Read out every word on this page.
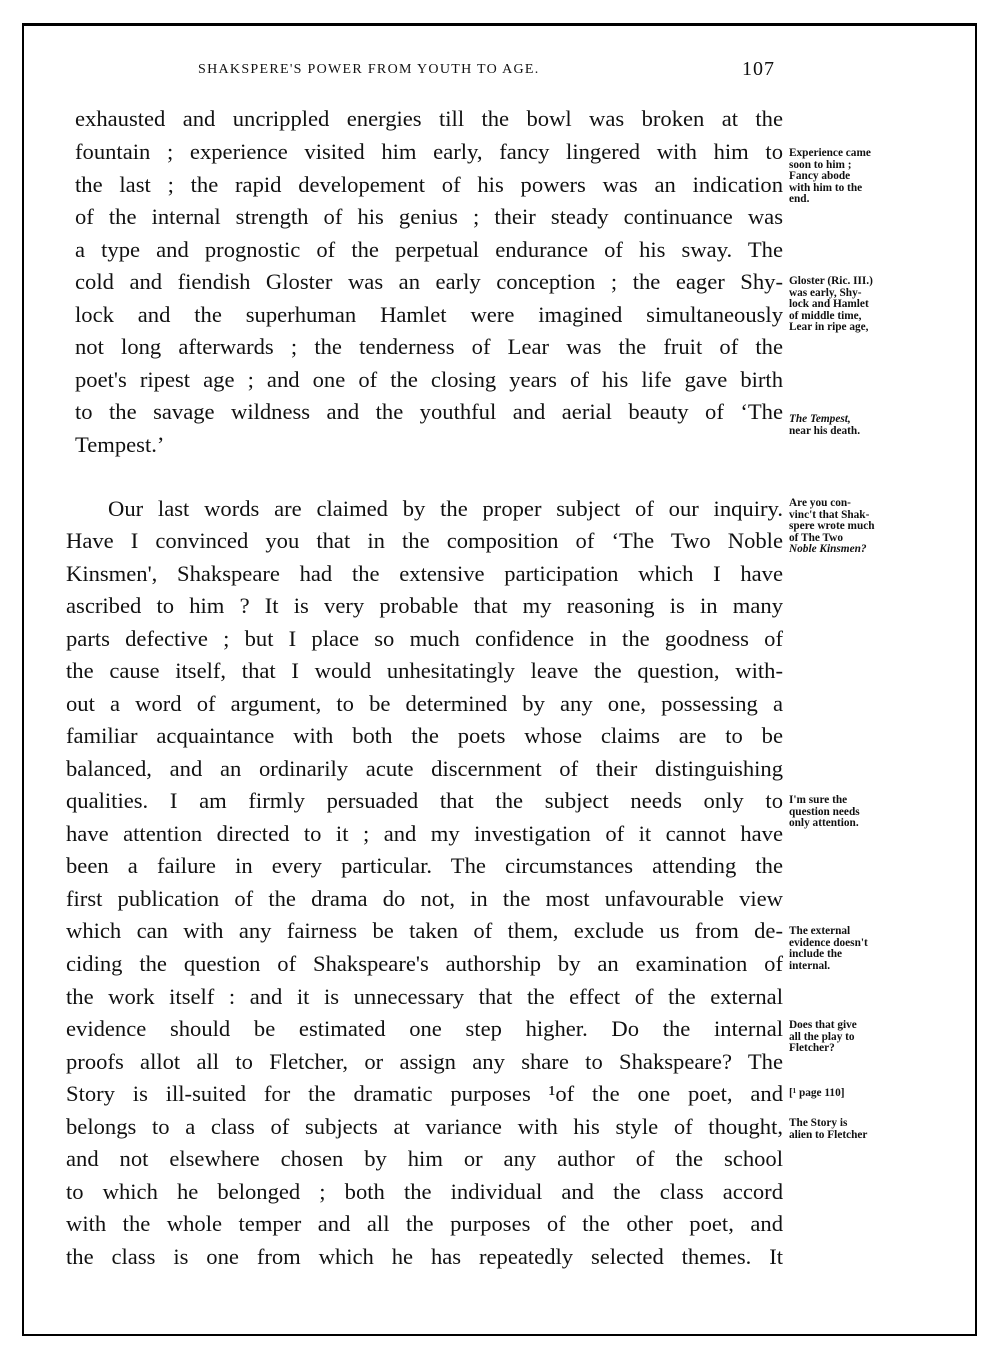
SHAKSPERE'S POWER FROM YOUTH TO AGE.	107
exhausted and uncrippled energies till the bowl was broken at the
fountain ; experience visited him early, fancy lingered with him to
the last ; the rapid developement of his powers was an indication
of the internal strength of his genius ; their steady continuance was
a type and prognostic of the perpetual endurance of his sway. The
cold and fiendish Gloster was an early conception ; the eager Shy-
lock and the superhuman Hamlet were imagined simultaneously
not long afterwards ; the tenderness of Lear was the fruit of the
poet's ripest age ; and one of the closing years of his life gave birth
to the savage wildness and the youthful and aerial beauty of ‘The
Tempest.’
Our last words are claimed by the proper subject of our inquiry.
Have I convinced you that in the composition of ‘The Two Noble
Kinsmen', Shakspeare had the extensive participation which I have
ascribed to him ? It is very probable that my reasoning is in many
parts defective ; but I place so much confidence in the goodness of
the cause itself, that I would unhesitatingly leave the question, with-
out a word of argument, to be determined by any one, possessing a
familiar acquaintance with both the poets whose claims are to be
balanced, and an ordinarily acute discernment of their distinguishing
qualities. I am firmly persuaded that the subject needs only to
have attention directed to it ; and my investigation of it cannot have
been a failure in every particular. The circumstances attending the
first publication of the drama do not, in the most unfavourable view
which can with any fairness be taken of them, exclude us from de-
ciding the question of Shakspeare's authorship by an examination of
the work itself : and it is unnecessary that the effect of the external
evidence should be estimated one step higher. Do the internal
proofs allot all to Fletcher, or assign any share to Shakspeare? The
Story is ill-suited for the dramatic purposes ¹of the one poet, and
belongs to a class of subjects at variance with his style of thought,
and not elsewhere chosen by him or any author of the school
to which he belonged ; both the individual and the class accord
with the whole temper and all the purposes of the other poet, and
the class is one from which he has repeatedly selected themes. It
Experience came
soon to him ;
Fancy abode
with him to the
end.
Gloster (Ric. III.)
was early, Shy-
lock and Hamlet
of middle time,
Lear in ripe age,
The Tempest,
near his death.
Are you con-
vinc't that Shak-
spere wrote much
of The Two
Noble Kinsmen?
I'm sure the
question needs
only attention.
The external
evidence doesn't
include the
internal.
Does that give
all the play to
Fletcher?
[¹ page 110]
The Story is
alien to Fletcher
